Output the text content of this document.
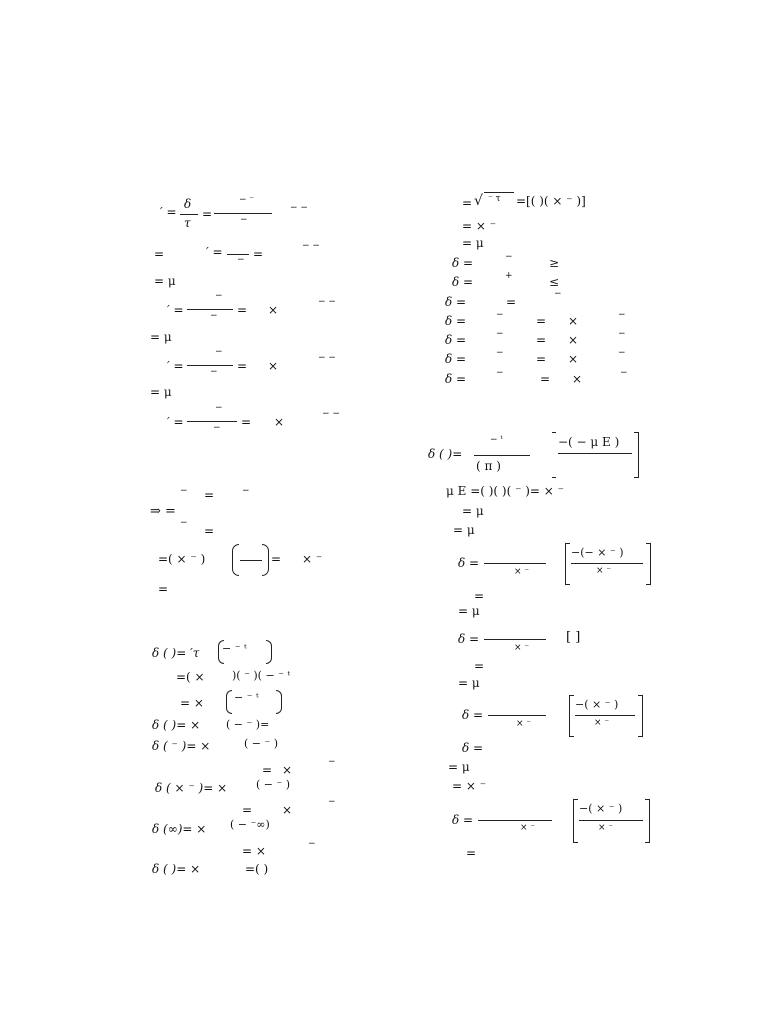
′ =
δ
τ
=
− ⁻
−
− −
=	′ =
− =
− −
= μ
′ =
−
− = ×
− −
= μ
′ =
−
− = ×
− −
= μ
′ =
−
− = ×
− −
− =	−
⇒ =
−
=
=( × ⁻ )	= × ⁻
=
δ ( )= ′τ − ⁻ ᵗ
=( × )( ⁻ )( − ⁻ ᵗ
= ×	− ⁻ ᵗ
δ ( )= × ( − ⁻ )=
δ ( ⁻ )= ×	( − ⁻ )
= ×
−
δ ( × ⁻ )= ×	( − ⁻ )
= ×
−
δ (∞)= × ( − ⁻∞)
= ×	−
δ ( )= ×	=( )
= √ ⁻ τ =[( )( × ⁻ )]
= × ⁻
= μ
δ =	−	≥
δ =	+	≤
δ =	=
−
δ =	−	= ×	−
δ =	−	= ×	−
δ =	−	= ×	−
δ =	−	= ×	−
δ ( )=
− ᵗ
( π )
−( − μ E )
μ E =( )( )( ⁻ )= × ⁻
= μ
= μ
δ =
× ⁻
−(− × ⁻ )
× ⁻
=
= μ
δ =
× ⁻
[ ]
=
= μ
δ =
× ⁻
−( × ⁻ )
× ⁻
δ =
= μ
= × ⁻
δ =
× ⁻
−( × ⁻ )
× ⁻
=
